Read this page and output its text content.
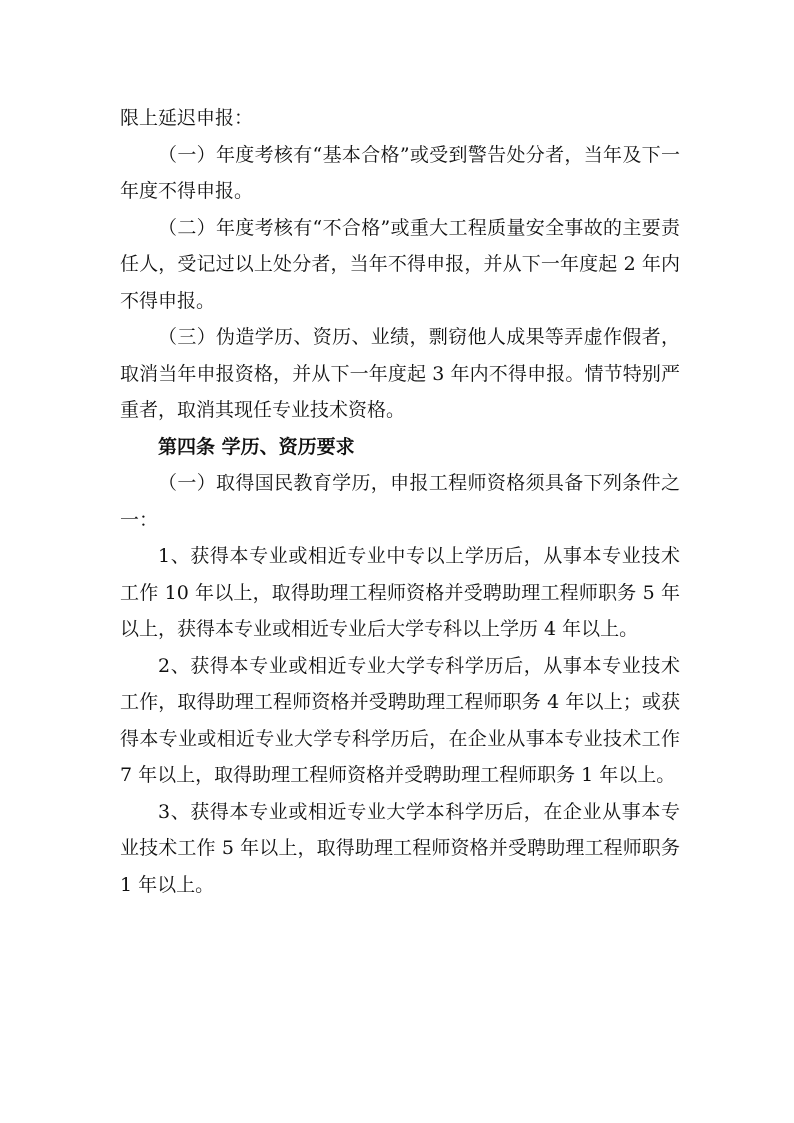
限上延迟申报：

（一）年度考核有“基本合格”或受到警告处分者，当年及下一年度不得申报。

（二）年度考核有“不合格”或重大工程质量安全事故的主要责任人，受记过以上处分者，当年不得申报，并从下一年度起 2 年内不得申报。

（三）伪造学历、资历、业绩，剽窃他人成果等弄虚作假者，取消当年申报资格，并从下一年度起 3 年内不得申报。情节特别严重者，取消其现任专业技术资格。

第四条 学历、资历要求

（一）取得国民教育学历，申报工程师资格须具备下列条件之一：

1、获得本专业或相近专业中专以上学历后，从事本专业技术工作 10 年以上，取得助理工程师资格并受聘助理工程师职务 5 年以上，获得本专业或相近专业后大学专科以上学历 4 年以上。

2、获得本专业或相近专业大学专科学历后，从事本专业技术工作，取得助理工程师资格并受聘助理工程师职务 4 年以上；或获得本专业或相近专业大学专科学历后，在企业从事本专业技术工作 7 年以上，取得助理工程师资格并受聘助理工程师职务 1 年以上。

3、获得本专业或相近专业大学本科学历后，在企业从事本专业技术工作 5 年以上，取得助理工程师资格并受聘助理工程师职务 1 年以上。
